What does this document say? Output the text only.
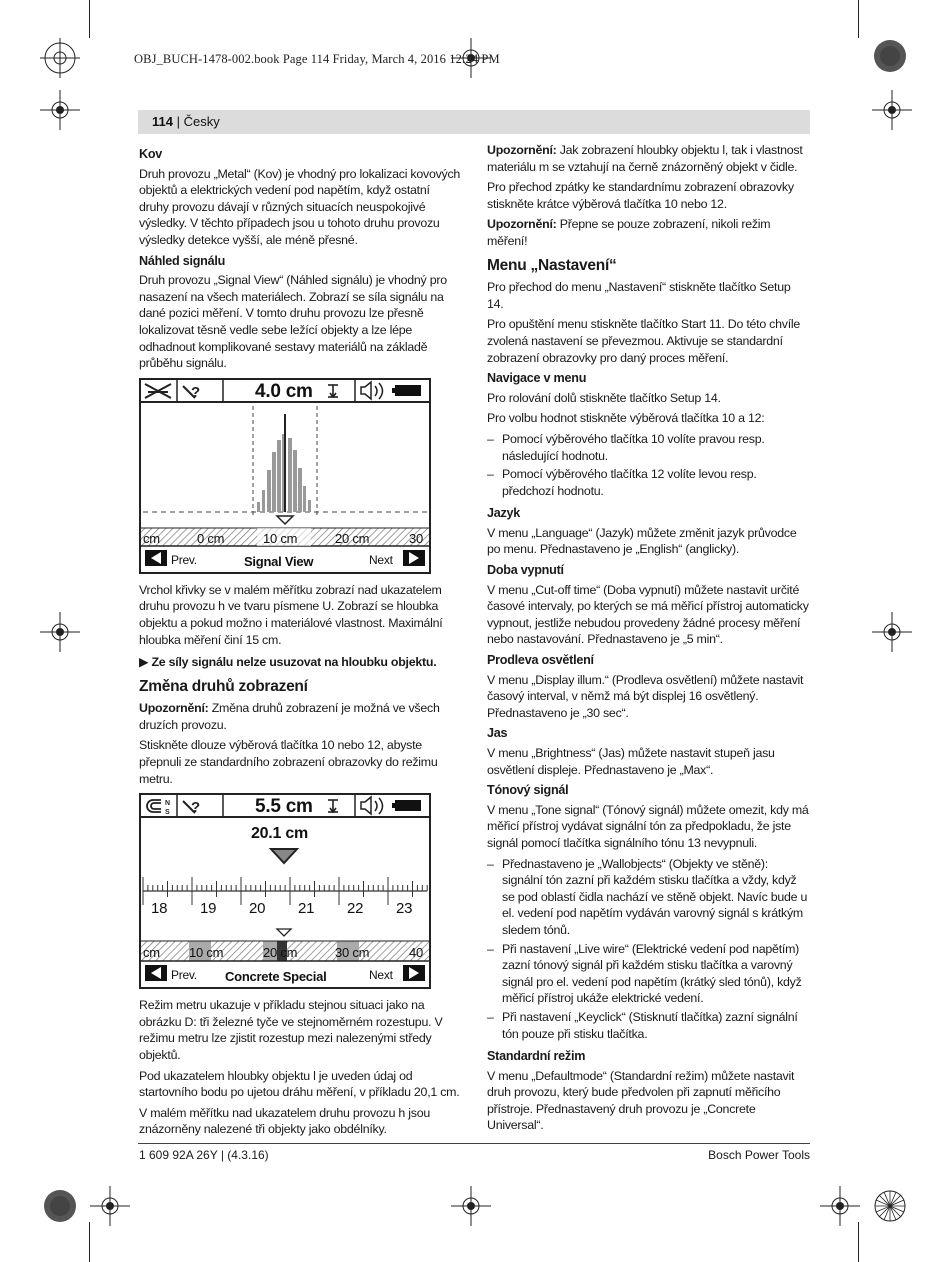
OBJ_BUCH-1478-002.book Page 114 Friday, March 4, 2016 12:24 PM
114 | Česky
Kov

Druh provozu „Metal“ (Kov) je vhodný pro lokalizaci kovových objektů a elektrických vedení pod napětím, když ostatní druhy provozu dávají v různých situacích neuspokojivé výsledky. V těchto případech jsou u tohoto druhu provozu výsledky detekce vyšší, ale méně přesné.

Náhled signálu

Druh provozu „Signal View“ (Náhled signálu) je vhodný pro nasazení na všech materiálech. Zobrazí se síla signálu na dané pozici měření. V tomto druhu provozu lze přesně lokalizovat těsně vedle sebe ležící objekty a lze lépe odhadnout komplikované sestavy materiálů na základě průběhu signálu.

?	4.0 cm
cm	0 cm	10 cm	20 cm	30
Prev.	Signal View	Next

Vrchol křivky se v malém měřítku zobrazí nad ukazatelem druhu provozu h ve tvaru písmene U. Zobrazí se hloubka objektu a pokud možno i materiálové vlastnost. Maximální hloubka měření činí 15 cm.

▶ Ze síly signálu nelze usuzovat na hloubku objektu.

Změna druhů zobrazení

Upozornění: Změna druhů zobrazení je možná ve všech druzích provozu.

Stiskněte dlouze výběrová tlačítka 10 nebo 12, abyste přepnuli ze standardního zobrazení obrazovky do režimu metru.

N
S ?	5.5 cm
20.1 cm
18 19 20 21 22 23
cm 10 cm	20 cm	30 cm	40
Prev. Concrete Special	Next

Režim metru ukazuje v příkladu stejnou situaci jako na obrázku D: tři železné tyče ve stejnoměrném rozestupu. V režimu metru lze zjistit rozestup mezi nalezenými středy objektů.

Pod ukazatelem hloubky objektu l je uveden údaj od startovního bodu po ujetou dráhu měření, v příkladu 20,1 cm.

V malém měřítku nad ukazatelem druhu provozu h jsou znázorněny nalezené tři objekty jako obdélníky.

Upozornění: Jak zobrazení hloubky objektu l, tak i vlastnost materiálu m se vztahují na černě znázorněný objekt v čidle.

Pro přechod zpátky ke standardnímu zobrazení obrazovky stiskněte krátce výběrová tlačítka 10 nebo 12.

Upozornění: Přepne se pouze zobrazení, nikoli režim měření!

Menu „Nastavení“

Pro přechod do menu „Nastavení“ stiskněte tlačítko Setup 14.

Pro opuštění menu stiskněte tlačítko Start 11. Do této chvíle zvolená nastavení se převezmou. Aktivuje se standardní zobrazení obrazovky pro daný proces měření.

Navigace v menu

Pro rolování dolů stiskněte tlačítko Setup 14.

Pro volbu hodnot stiskněte výběrová tlačítka 10 a 12:

– Pomocí výběrového tlačítka 10 volíte pravou resp. následující hodnotu.
– Pomocí výběrového tlačítka 12 volíte levou resp. předchozí hodnotu.
Jazyk

V menu „Language“ (Jazyk) můžete změnit jazyk průvodce po menu. Přednastaveno je „English“ (anglicky).

Doba vypnutí

V menu „Cut-off time“ (Doba vypnutí) můžete nastavit určité časové intervaly, po kterých se má měřicí přístroj automaticky vypnout, jestliže nebudou provedeny žádné procesy měření nebo nastavování. Přednastaveno je „5 min“.

Prodleva osvětlení

V menu „Display illum.“ (Prodleva osvětlení) můžete nastavit časový interval, v němž má být displej 16 osvětlený. Přednastaveno je „30 sec“.

Jas

V menu „Brightness“ (Jas) můžete nastavit stupeň jasu osvětlení displeje. Přednastaveno je „Max“.

Tónový signál

V menu „Tone signal“ (Tónový signál) můžete omezit, kdy má měřicí přístroj vydávat signální tón za předpokladu, že jste signál pomocí tlačítka signálního tónu 13 nevypnuli.

– Přednastaveno je „Wallobjects“ (Objekty ve stěně): signální tón zazní při každém stisku tlačítka a vždy, když se pod oblastí čidla nachází ve stěně objekt. Navíc bude u el. vedení pod napětím vydáván varovný signál s krátkým sledem tónů.
– Při nastavení „Live wire“ (Elektrické vedení pod napětím) zazní tónový signál při každém stisku tlačítka a varovný signál pro el. vedení pod napětím (krátký sled tónů), když měřicí přístroj ukáže elektrické vedení.
– Při nastavení „Keyclick“ (Stisknutí tlačítka) zazní signální tón pouze při stisku tlačítka.
Standardní režim

V menu „Defaultmode“ (Standardní režim) můžete nastavit druh provozu, který bude předvolen při zapnutí měřicího přístroje. Přednastavený druh provozu je „Concrete Universal“.

1 609 92A 26Y | (4.3.16)	Bosch Power Tools
